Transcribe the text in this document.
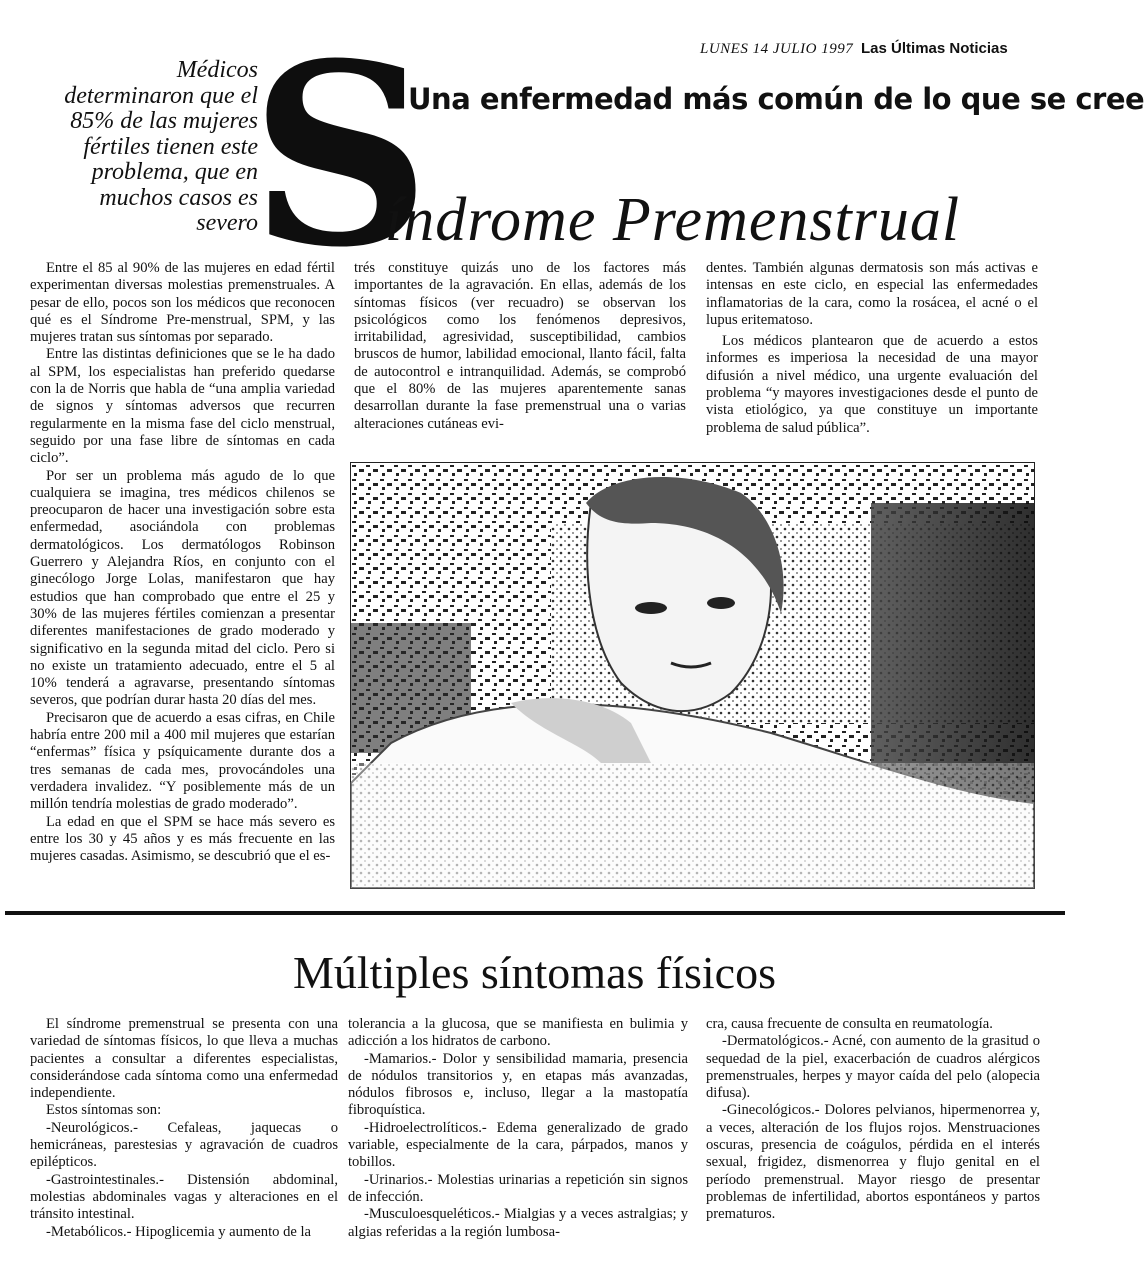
LUNES 14 JULIO 1997 Las Últimas Noticias
Médicos
determinaron que el
85% de las mujeres
fértiles tienen este
problema, que en
muchos casos es
severo
S
Una enfermedad más común de lo que se cree
índrome Premenstrual

Entre el 85 al 90% de las mujeres en edad fértil experimentan diversas molestias premenstruales. A pesar de ello, pocos son los médicos que reconocen qué es el Síndrome Pre-menstrual, SPM, y las mujeres tratan sus síntomas por separado.

Entre las distintas definiciones que se le ha dado al SPM, los especialistas han preferido quedarse con la de Norris que habla de “una amplia variedad de signos y síntomas adversos que recurren regularmente en la misma fase del ciclo menstrual, seguido por una fase libre de síntomas en cada ciclo”.

Por ser un problema más agudo de lo que cualquiera se imagina, tres médicos chilenos se preocuparon de hacer una investigación sobre esta enfermedad, asociándola con problemas dermatológicos. Los dermatólogos Robinson Guerrero y Alejandra Ríos, en conjunto con el ginecólogo Jorge Lolas, manifestaron que hay estudios que han comprobado que entre el 25 y 30% de las mujeres fértiles comienzan a presentar diferentes manifestaciones de grado moderado y significativo en la segunda mitad del ciclo. Pero si no existe un tratamiento adecuado, entre el 5 al 10% tenderá a agravarse, presentando síntomas severos, que podrían durar hasta 20 días del mes.

Precisaron que de acuerdo a esas cifras, en Chile habría entre 200 mil a 400 mil mujeres que estarían “enfermas” física y psíquicamente durante dos a tres semanas de cada mes, provocándoles una verdadera invalidez. “Y posiblemente más de un millón tendría molestias de grado moderado”.

La edad en que el SPM se hace más severo es entre los 30 y 45 años y es más frecuente en las mujeres casadas. Asimismo, se descubrió que el es-

trés constituye quizás uno de los factores más importantes de la agravación. En ellas, además de los síntomas físicos (ver recuadro) se observan los psicológicos como los fenómenos depresivos, irritabilidad, agresividad, susceptibilidad, cambios bruscos de humor, labilidad emocional, llanto fácil, falta de autocontrol e intranquilidad. Además, se comprobó que el 80% de las mujeres aparentemente sanas desarrollan durante la fase premenstrual una o varias alteraciones cutáneas evi-

dentes. También algunas dermatosis son más activas e intensas en este ciclo, en especial las enfermedades inflamatorias de la cara, como la rosácea, el acné o el lupus eritematoso.

Los médicos plantearon que de acuerdo a estos informes es imperiosa la necesidad de una mayor difusión a nivel médico, una urgente evaluación del problema “y mayores investigaciones desde el punto de vista etiológico, ya que constituye un importante problema de salud pública”.

Múltiples síntomas físicos

El síndrome premenstrual se presenta con una variedad de síntomas físicos, lo que lleva a muchas pacientes a consultar a diferentes especialistas, considerándose cada síntoma como una enfermedad independiente.

Estos síntomas son:

-Neurológicos.- Cefaleas, jaquecas o hemicráneas, parestesias y agravación de cuadros epilépticos.

-Gastrointestinales.- Distensión abdominal, molestias abdominales vagas y alteraciones en el tránsito intestinal.

-Metabólicos.- Hipoglicemia y aumento de la

tolerancia a la glucosa, que se manifiesta en bulimia y adicción a los hidratos de carbono.

-Mamarios.- Dolor y sensibilidad mamaria, presencia de nódulos transitorios y, en etapas más avanzadas, nódulos fibrosos e, incluso, llegar a la mastopatía fibroquística.

-Hidroelectrolíticos.- Edema generalizado de grado variable, especialmente de la cara, párpados, manos y tobillos.

-Urinarios.- Molestias urinarias a repetición sin signos de infección.

-Musculoesqueléticos.- Mialgias y a veces astralgias; y algias referidas a la región lumbosa-

cra, causa frecuente de consulta en reumatología.

-Dermatológicos.- Acné, con aumento de la grasitud o sequedad de la piel, exacerbación de cuadros alérgicos premenstruales, herpes y mayor caída del pelo (alopecia difusa).

-Ginecológicos.- Dolores pelvianos, hipermenorrea y, a veces, alteración de los flujos rojos. Menstruaciones oscuras, presencia de coágulos, pérdida en el interés sexual, frigidez, dismenorrea y flujo genital en el período premenstrual. Mayor riesgo de presentar problemas de infertilidad, abortos espontáneos y partos prematuros.
